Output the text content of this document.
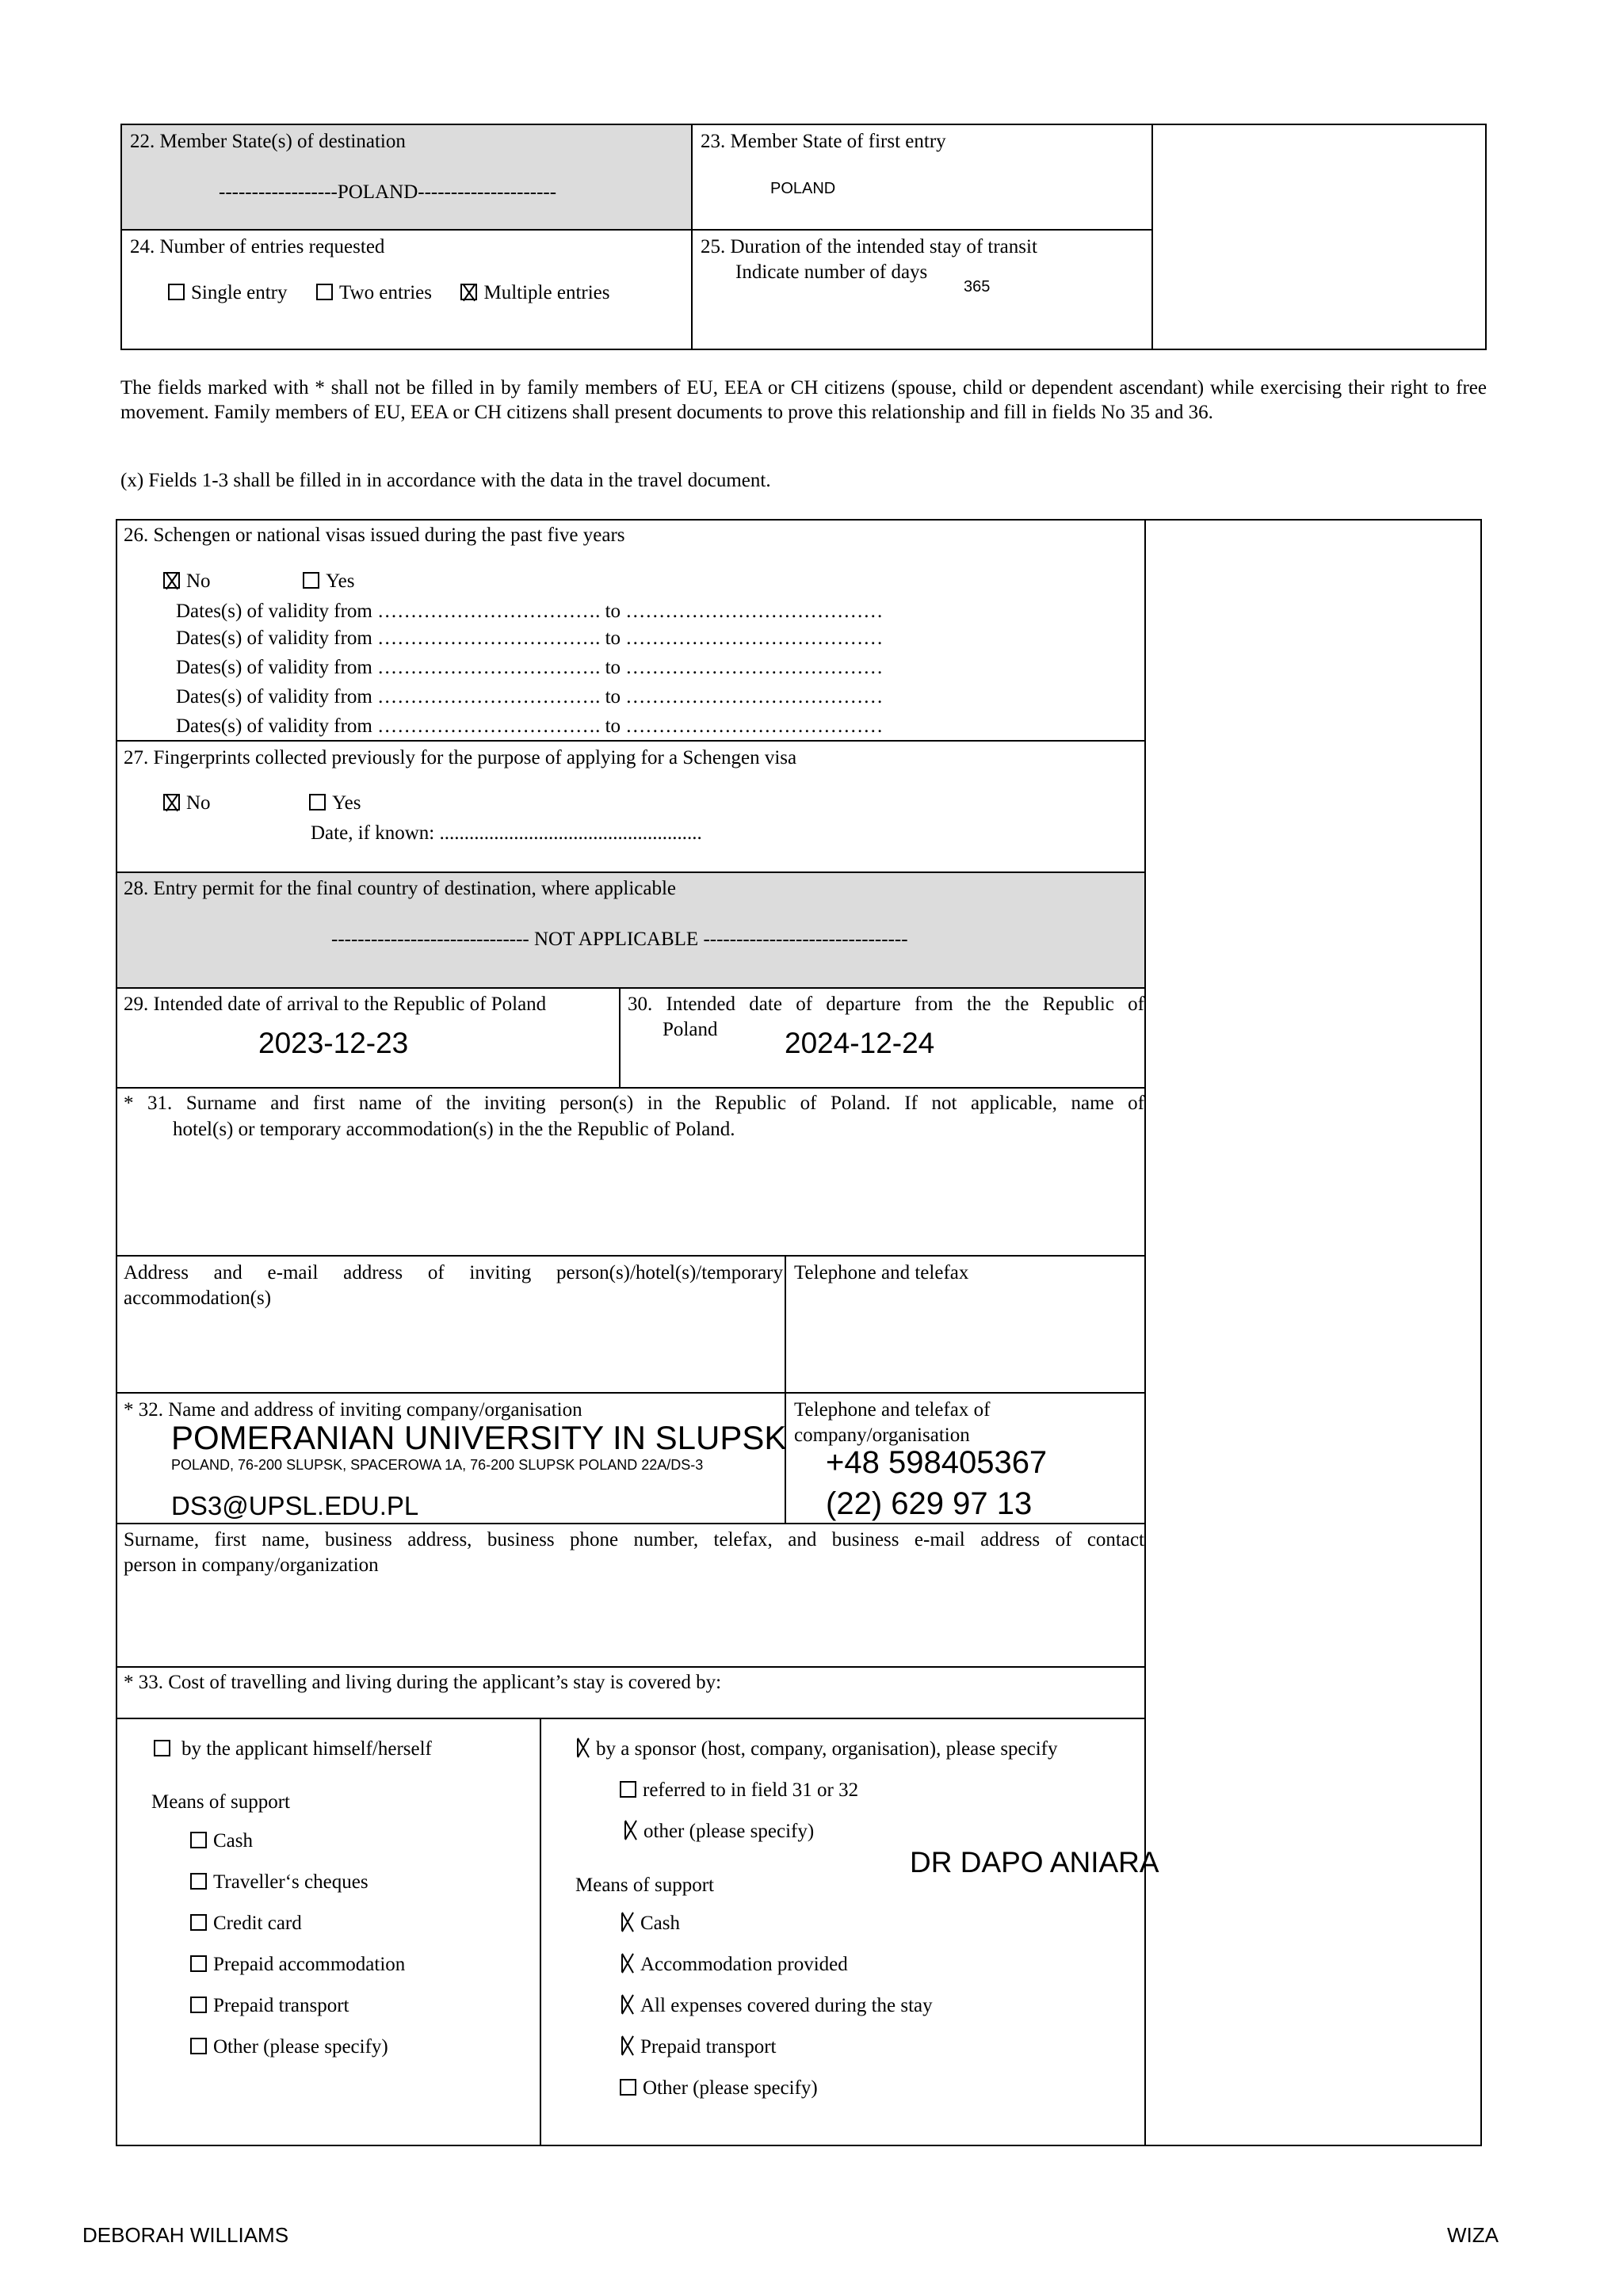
22. Member State(s) of destination
------------------POLAND---------------------
23. Member State of first entry
POLAND
24. Number of entries requested
Single entry	Two entries	Multiple entries
25. Duration of the intended stay of transit
Indicate number of days
365
The fields marked with * shall not be filled in by family members of EU, EEA or CH citizens (spouse, child or dependent ascendant) while exercising their right to free movement. Family members of EU, EEA or CH citizens shall present documents to prove this relationship and fill in fields No 35 and 36.
(x) Fields 1-3 shall be filled in in accordance with the data in the travel document.
26. Schengen or national visas issued during the past five years
No	Yes
Dates(s) of validity from ……………………………. to …………………………………
Dates(s) of validity from ……………………………. to …………………………………
Dates(s) of validity from ……………………………. to …………………………………
Dates(s) of validity from ……………………………. to …………………………………
Dates(s) of validity from ……………………………. to …………………………………
27. Fingerprints collected previously for the purpose of applying for a Schengen visa
No	Yes
Date, if known: .....................................................
28. Entry permit for the final country of destination, where applicable
------------------------------ NOT APPLICABLE -------------------------------
29. Intended date of arrival to the Republic of Poland
2023-12-23
30. Intended date of departure from the the Republic of
Poland 2024-12-24
* 31. Surname and first name of the inviting person(s) in the Republic of Poland. If not applicable, name of
hotel(s) or temporary accommodation(s) in the the Republic of Poland.
Address and e-mail address of inviting person(s)/hotel(s)/temporary
accommodation(s)
Telephone and telefax
* 32. Name and address of inviting company/organisation
POMERANIAN UNIVERSITY IN SLUPSK
POLAND, 76-200 SLUPSK, SPACEROWA 1A, 76-200 SLUPSK POLAND 22A/DS-3
DS3@UPSL.EDU.PL
Telephone and telefax of
company/organisation
+48 598405367
(22) 629 97 13
Surname, first name, business address, business phone number, telefax, and business e-mail address of contact
person in company/organization
* 33. Cost of travelling and living during the applicant’s stay is covered by:
by the applicant himself/herself
Means of support
Cash
Traveller‘s cheques
Credit card
Prepaid accommodation
Prepaid transport
Other (please specify)
by a sponsor (host, company, organisation), please specify
referred to in field 31 or 32
other (please specify)
DR DAPO ANIARA
Means of support
Cash
Accommodation provided
All expenses covered during the stay
Prepaid transport
Other (please specify)
DEBORAH WILLIAMS	WIZA
